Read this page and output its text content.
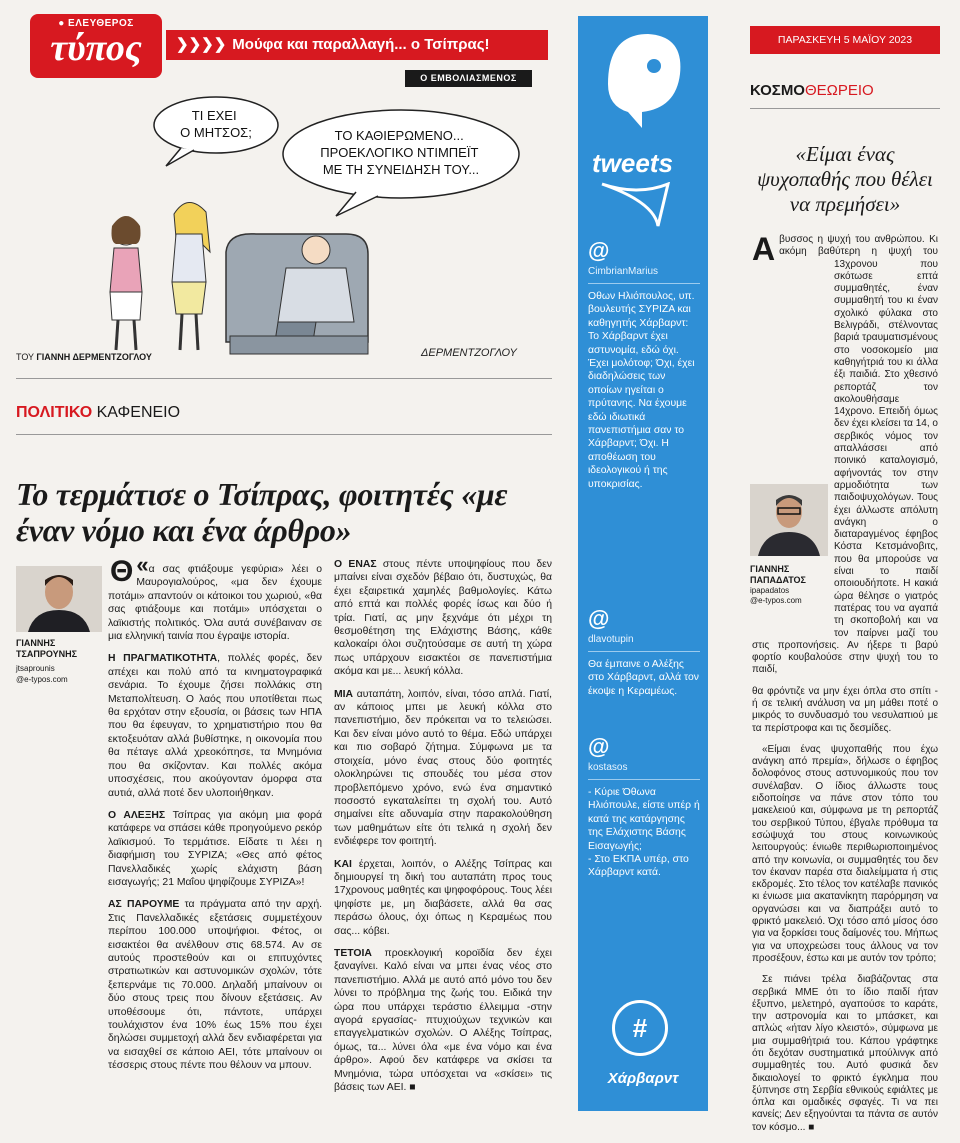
● ΕΛΕΥΘΕΡΟΣ
τύπος	❯❯❯❯ Μούφα και παραλλαγή... ο Τσίπρας!
Ο ΕΜΒΟΛΙΑΣΜΕΝΟΣ
ΤΙ ΕΧΕΙ Ο ΜΗΤΣΟΣ;	ΤΟ ΚΑΘΙΕΡΩΜΕΝΟ... ΠΡΟΕΚΛΟΓΙΚΟ ΝΤΙΜΠΕΪΤ ΜΕ ΤΗ ΣΥΝΕΙΔΗΣΗ ΤΟΥ...
ΔΕΡΜΕΝΤΖΟΓΛΟΥ
ΤΟΥ ΓΙΑΝΝΗ ΔΕΡΜΕΝΤΖΟΓΛΟΥ
ΠΟΛΙΤΙΚΟ ΚΑΦΕΝΕΙΟ
Το τερμάτισε ο Τσίπρας, φοιτητές «με έναν νόμο και ένα άρθρο»
ΓΙΑΝΝΗΣ
ΤΣΑΠΡΟΥΝΗΣ
jtsaprounis
@e-typos.com

«
Θ α σας φτιάξουμε γεφύρια» λέει ο Μαυρογιαλούρος, «μα δεν έχουμε ποτάμι» απαντούν οι κάτοικοι του χωριού, «θα σας φτιάξουμε και ποτάμι» υπόσχεται ο λαϊκιστής πολιτικός. Όλα αυτά συνέβαιναν σε μια ελληνική ταινία που έγραψε ιστορία.

Η ΠΡΑΓΜΑΤΙΚΟΤΗΤΑ, πολλές φορές, δεν απέχει και πολύ από τα κινηματογραφικά σενάρια. Το έχουμε ζήσει πολλάκις στη Μεταπολίτευση. Ο λαός που υποτίθεται πως θα ερχόταν στην εξουσία, οι βάσεις των ΗΠΑ που θα έφευγαν, το χρηματιστήριο που θα εκτοξευόταν αλλά βυθίστηκε, η οικονομία που θα πέταγε αλλά χρεοκόπησε, τα Μνημόνια που θα σκίζονταν. Και πολλές ακόμα υποσχέσεις, που ακούγονταν όμορφα στα αυτιά, αλλά ποτέ δεν υλοποιήθηκαν.

Ο ΑΛΕΞΗΣ Τσίπρας για ακόμη μια φορά κατάφερε να σπάσει κάθε προηγούμενο ρεκόρ λαϊκισμού. Το τερμάτισε. Είδατε τι λέει η διαφήμιση του ΣΥΡΙΖΑ; «Θες από φέτος Πανελλαδικές χωρίς ελάχιστη βάση εισαγωγής; 21 Μαΐου ψηφίζουμε ΣΥΡΙΖΑ»!

ΑΣ ΠΑΡΟΥΜΕ τα πράγματα από την αρχή. Στις Πανελλαδικές εξετάσεις συμμετέχουν περίπου 100.000 υποψήφιοι. Φέτος, οι εισακτέοι θα ανέλθουν στις 68.574. Αν σε αυτούς προστεθούν και οι επιτυχόντες στρατιωτικών και αστυνομικών σχολών, τότε ξεπερνάμε τις 70.000. Δηλαδή μπαίνουν οι δύο στους τρεις που δίνουν εξετάσεις. Αν υποθέσουμε ότι, πάντοτε, υπάρχει τουλάχιστον ένα 10% έως 15% που έχει δηλώσει συμμετοχή αλλά δεν ενδιαφέρεται για να εισαχθεί σε κάποιο ΑΕΙ, τότε μπαίνουν οι τέσσερις στους πέντε που θέλουν να μπουν.

Ο ΕΝΑΣ στους πέντε υποψηφίους που δεν μπαίνει είναι σχεδόν βέβαιο ότι, δυστυχώς, θα έχει εξαιρετικά χαμηλές βαθμολογίες. Κάτω από επτά και πολλές φορές ίσως και δύο ή τρία. Γιατί, ας μην ξεχνάμε ότι μέχρι τη θεσμοθέτηση της Ελάχιστης Βάσης, κάθε καλοκαίρι όλοι συζητούσαμε σε αυτή τη χώρα πως υπάρχουν εισακτέοι σε πανεπιστήμια ακόμα και με... λευκή κόλλα.

ΜΙΑ αυταπάτη, λοιπόν, είναι, τόσο απλά. Γιατί, αν κάποιος μπει με λευκή κόλλα στο πανεπιστήμιο, δεν πρόκειται να το τελειώσει. Και δεν είναι μόνο αυτό το θέμα. Εδώ υπάρχει και πιο σοβαρό ζήτημα. Σύμφωνα με τα στοιχεία, μόνο ένας στους δύο φοιτητές ολοκληρώνει τις σπουδές του μέσα στον προβλεπόμενο χρόνο, ενώ ένα σημαντικό ποσοστό εγκαταλείπει τη σχολή του. Αυτό σημαίνει είτε αδυναμία στην παρακολούθηση των μαθημάτων είτε ότι τελικά η σχολή δεν ενδιέφερε τον φοιτητή.

ΚΑΙ έρχεται, λοιπόν, ο Αλέξης Τσίπρας και δημιουργεί τη δική του αυταπάτη προς τους 17χρονους μαθητές και ψηφοφόρους. Τους λέει ψηφίστε με, μη διαβάσετε, αλλά θα σας περάσω όλους, όχι όπως η Κεραμέως που σας... κόβει.

ΤΕΤΟΙΑ προεκλογική κοροϊδία δεν έχει ξαναγίνει. Καλό είναι να μπει ένας νέος στο πανεπιστήμιο. Αλλά με αυτό από μόνο του δεν λύνει το πρόβλημα της ζωής του. Ειδικά την ώρα που υπάρχει τεράστιο έλλειμμα -στην αγορά εργασίας- πτυχιούχων τεχνικών και επαγγελματικών σχολών. Ο Αλέξης Τσίπρας, όμως, τα... λύνει όλα «με ένα νόμο και ένα άρθρο». Αφού δεν κατάφερε να σκίσει τα Μνημόνια, τώρα υπόσχεται να «σκίσει» τις βάσεις των ΑΕΙ. ■

tweets
@
CimbrianMarius
Οθων Ηλιόπουλος, υπ. βουλευτής ΣΥΡΙΖΑ και καθηγητής Χάρβαρντ: Το Χάρβαρντ έχει αστυνομία, εδώ όχι. Έχει μολότοφ; Όχι, έχει διαδηλώσεις των οποίων ηγείται ο πρύτανης. Να έχουμε εδώ ιδιωτικά πανεπιστήμια σαν το Χάρβαρντ; Όχι. Η αποθέωση του ιδεολογικού ή της υποκρισίας.
@
dlavotupin
Θα έμπαινε ο Αλέξης στο Χάρβαρντ, αλλά τον έκοψε η Κεραμέως.
@
kostasos
- Κύριε Όθωνα Ηλιόπουλε, είστε υπέρ ή κατά της κατάργησης της Ελάχιστης Βάσης Εισαγωγής;
- Στο ΕΚΠΑ υπέρ, στο Χάρβαρντ κατά.
#
Χάρβαρντ
ΠΑΡΑΣΚΕΥΗ 5 ΜΑΪΟΥ 2023
ΚΟΣΜΟΘΕΩΡΕΙΟ
«Είμαι ένας ψυχοπαθής που θέλει να πρεμήσει»
Α
ΓΙΑΝΝΗΣ
ΠΑΠΑΔΑΤΟΣ
ipapadatos
@e-typos.com

βυσσος η ψυχή του ανθρώπου. Κι ακόμη βαθύτερη η ψυχή του 13χρονου που σκότωσε επτά συμμαθητές, έναν συμμαθητή του κι έναν σχολικό φύλακα στο Βελιγράδι, στέλνοντας βαριά τραυματισμένους στο νοσοκομείο μια καθηγήτριά του κι άλλα έξι παιδιά. Στο χθεσινό ρεπορτάζ τον ακολουθήσαμε 14χρονο. Επειδή όμως δεν έχει κλείσει τα 14, ο σερβικός νόμος τον απαλλάσσει από ποινικό καταλογισμό, αφήνοντάς τον στην αρμοδιότητα των παιδοψυχολόγων. Τους έχει άλλωστε απόλυτη ανάγκη ο διαταραγμένος έφηβος Κόστα Κετσμάνοβιτς, που θα μπορούσε να είναι το παιδί οποιουδήποτε. Η κακιά ώρα θέλησε ο γιατρός πατέρας του να αγαπά τη σκοποβολή και να τον παίρνει μαζί του στις προπονήσεις. Αν ήξερε τι βαρύ φορτίο κουβαλούσε στην ψυχή του το παιδί,

θα φρόντιζε να μην έχει όπλα στο σπίτι - ή σε τελική ανάλυση να μη μάθει ποτέ ο μικρός το συνδυασμό του νεσυλαπιού με τα περίστροφα και τις δεσμίδες.

«Είμαι ένας ψυχοπαθής που έχω ανάγκη από πρεμία», δήλωσε ο έφηβος δολοφόνος στους αστυνομικούς που τον συνέλαβαν. Ο ίδιος άλλωστε τους ειδοποίησε να πάνε στον τόπο του μακελειού και, σύμφωνα με τη ρεπορτάζ του σερβικού Τύπου, έβγαλε πρόθυμα τα εσώψυχά του στους κοινωνικούς λειτουργούς: ένιωθε περιθωριοποιημένος από την κοινωνία, οι συμμαθητές του δεν τον έκαναν παρέα στα διαλείμματα ή στις εκδρομές. Στο τέλος τον κατέλαβε πανικός κι ένιωσε μια ακατανίκητη παρόρμηση να οργανώσει και να διαπράξει αυτό το φρικτό μακελειό. Όχι τόσο από μίσος όσο για να ξορκίσει τους δαίμονές του. Μήπως για να υποχρεώσει τους άλλους να τον προσέξουν, έστω και με αυτόν τον τρόπο;

Σε πιάνει τρέλα διαβάζοντας στα σερβικά ΜΜΕ ότι το ίδιο παιδί ήταν έξυπνο, μελετηρό, αγαπούσε το καράτε, την αστρονομία και το μπάσκετ, και απλώς «ήταν λίγο κλειστό», σύμφωνα με μια συμμαθήτριά του. Κάπου γράφτηκε ότι δεχόταν συστηματικά μπούλινγκ από συμμαθητές του. Αυτό φυσικά δεν δικαιολογεί το φρικτό έγκλημα που ξύπνησε στη Σερβία εθνικούς εφιάλτες με όπλα και ομαδικές σφαγές. Τι να πει κανείς; Δεν εξηγούνται τα πάντα σε αυτόν τον κόσμο... ■
